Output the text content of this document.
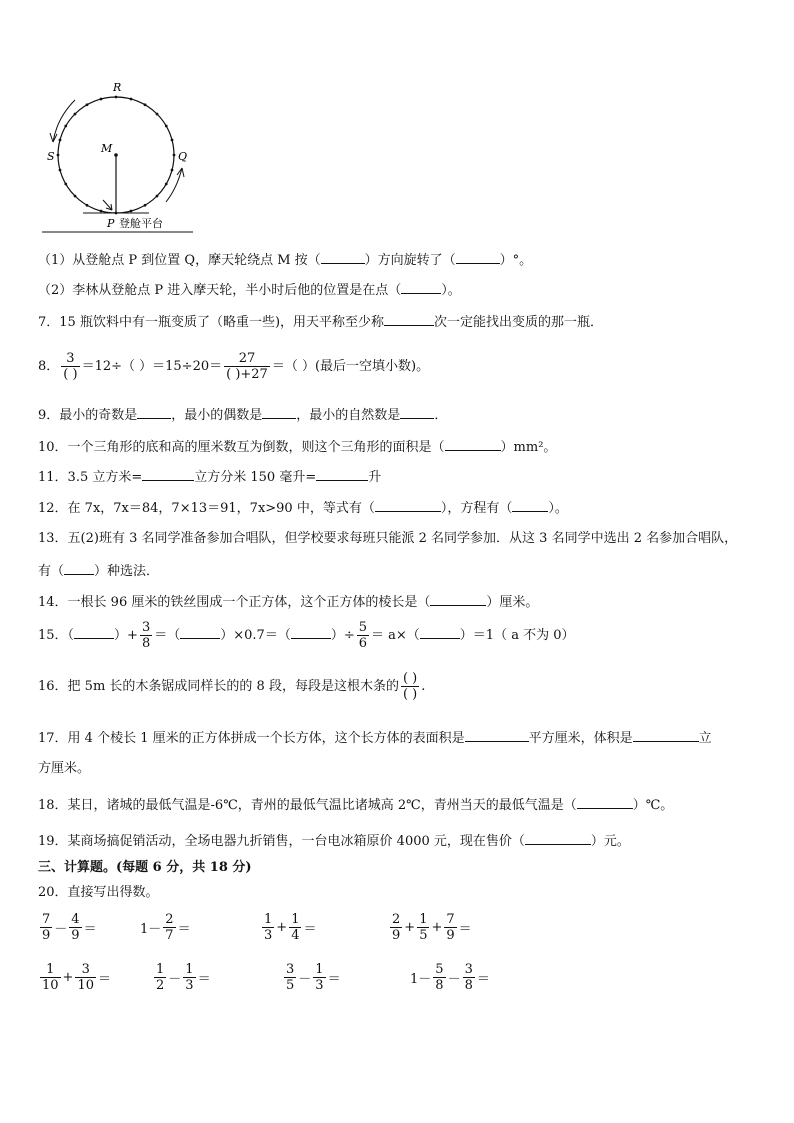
R
S	Q
M
P 登舱平台
（1）从登舱点 P 到位置 Q，摩天轮绕点 M 按（	）方向旋转了（	）°。
（2）李林从登舱点 P 进入摩天轮，半小时后他的位置是在点（	）。
7．15 瓶饮料中有一瓶变质了（略重一些)，用天平称至少称	次一定能找出变质的那一瓶．
8． $\frac{3}{( )} =12\div$（ ）$=15\div 20= \frac{27}{( )+27}$ ＝（ ）(最后一空填小数)。
9．最小的奇数是	，最小的偶数是	，最小的自然数是	．
10．一个三角形的底和高的厘米数互为倒数，则这个三角形的面积是（	）mm²。
11．3.5 立方米=	立方分米 150 毫升=	升
12．在 7x，7x＝84，7×13＝91，7x>90 中，等式有（	），方程有（	）。
13．五(2)班有 3 名同学准备参加合唱队，但学校要求每班只能派 2 名同学参加．从这 3 名同学中选出 2 名参加合唱队，
有（ ）种选法．
14．一根长 96 厘米的铁丝围成一个正方体，这个正方体的棱长是（	）厘米。
15．（	）+ $\frac{3}{8}$ ＝（	）×0.7＝（	）÷ $\frac{5}{6} = a\times$（	）＝1（ a 不为 0）
16．把 5m 长的木条锯成同样长的的 8 段，每段是这根木条的 $\frac{( )}{( )}$ .
17．用 4 个棱长 1 厘米的正方体拼成一个长方体，这个长方体的表面积是	平方厘米，体积是	立
方厘米。
18．某日，诸城的最低气温是-6℃，青州的最低气温比诸城高 2℃，青州当天的最低气温是（	）℃。
19．某商场搞促销活动，全场电器九折销售，一台电冰箱原价 4000 元，现在售价（	）元。
三、计算题。(每题 6 分，共 18 分)
20．直接写出得数。
$\frac{7}{9} - \frac{4}{9}$ ＝	$1- \frac{2}{7}$ ＝	$\frac{1}{3} + \frac{1}{4}$ ＝	$\frac{2}{9} + \frac{1}{5} + \frac{7}{9}$ ＝
$\frac{1}{10} + \frac{3}{10}$ ＝	$\frac{1}{2} - \frac{1}{3}$ ＝	$\frac{3}{5} - \frac{1}{3}$ ＝	$1- \frac{5}{8} - \frac{3}{8}$ ＝
